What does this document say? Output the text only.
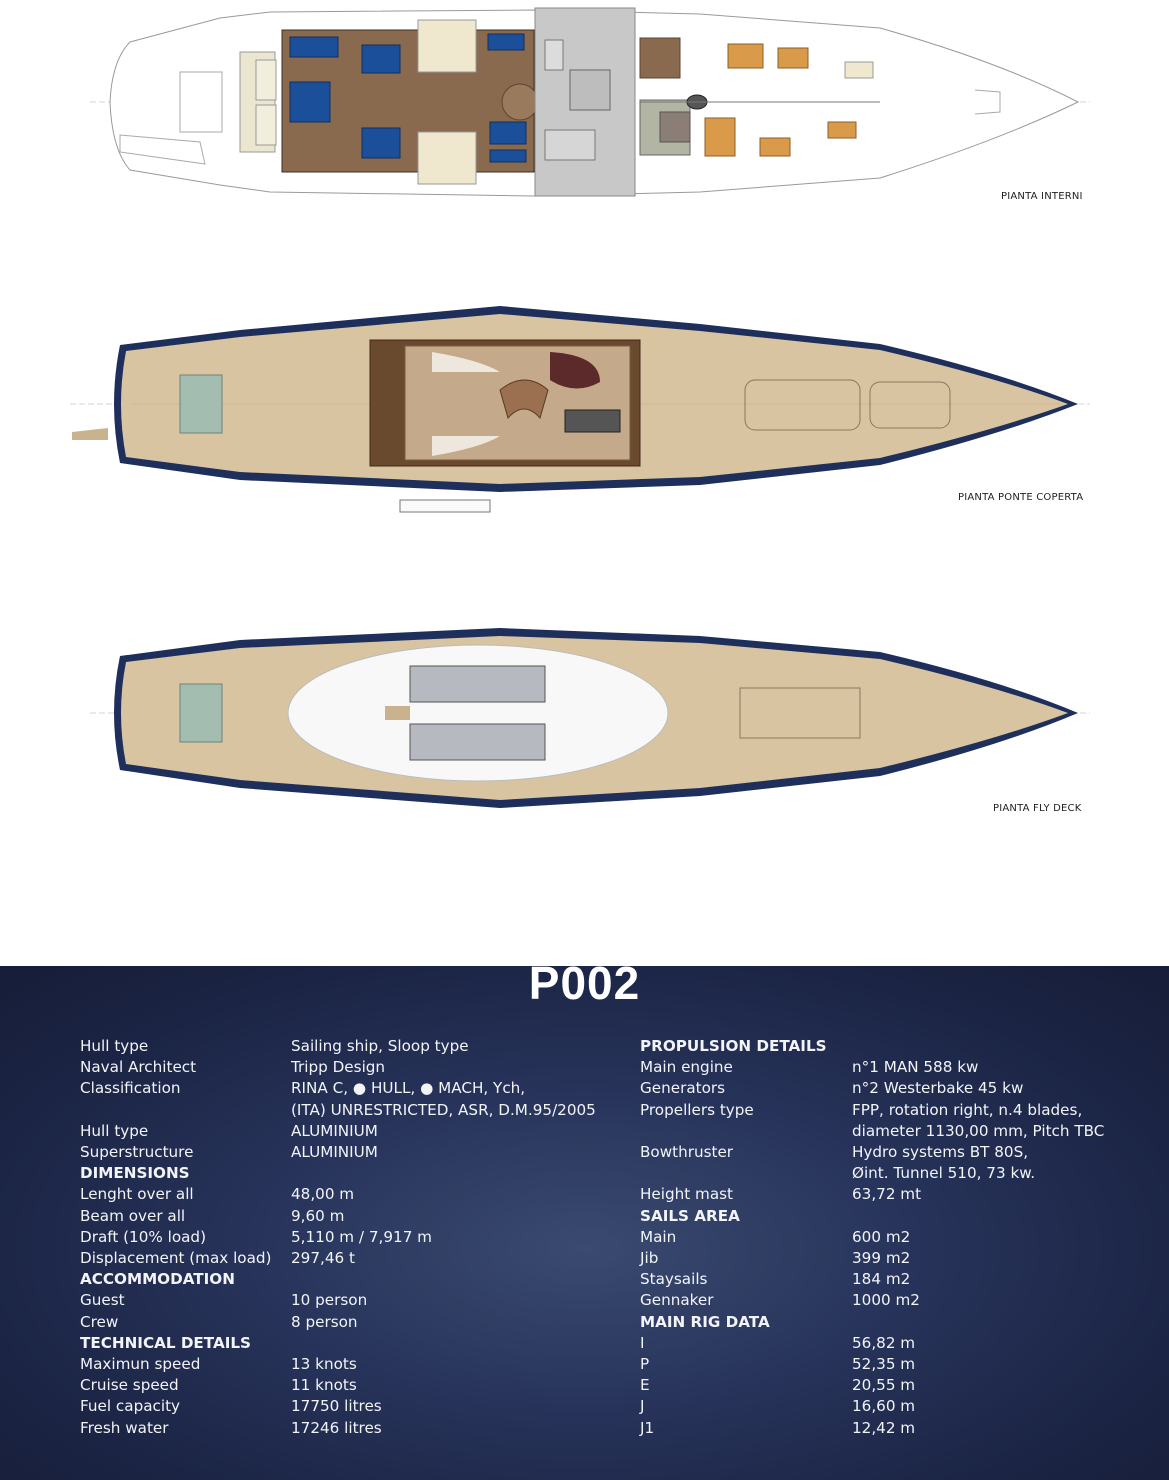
PIANTA INTERNI
PIANTA PONTE COPERTA
PIANTA FLY DECK
P002
Hull type	Sailing ship, Sloop type
Naval Architect	Tripp Design
Classification	RINA C, ● HULL, ● MACH, Ych,
(ITA) UNRESTRICTED, ASR, D.M.95/2005
Hull type	ALUMINIUM
Superstructure	ALUMINIUM
DIMENSIONS
Lenght over all	48,00 m
Beam over all	9,60 m
Draft (10% load)	5,110 m / 7,917 m
Displacement (max load) 297,46 t
ACCOMMODATION
Guest	10 person
Crew	8 person
TECHNICAL DETAILS
Maximun speed	13 knots
Cruise speed	11 knots
Fuel capacity	17750 litres
Fresh water	17246 litres
PROPULSION DETAILS
Main engine	n°1 MAN 588 kw
Generators	n°2 Westerbake 45 kw
Propellers type	FPP, rotation right, n.4 blades,
diameter 1130,00 mm, Pitch TBC
Bowthruster	Hydro systems BT 80S,
Øint. Tunnel 510, 73 kw.
Height mast	63,72 mt
SAILS AREA
Main	600 m2
Jib	399 m2
Staysails	184 m2
Gennaker	1000 m2
MAIN RIG DATA
I	56,82 m
P	52,35 m
E	20,55 m
J	16,60 m
J1	12,42 m
